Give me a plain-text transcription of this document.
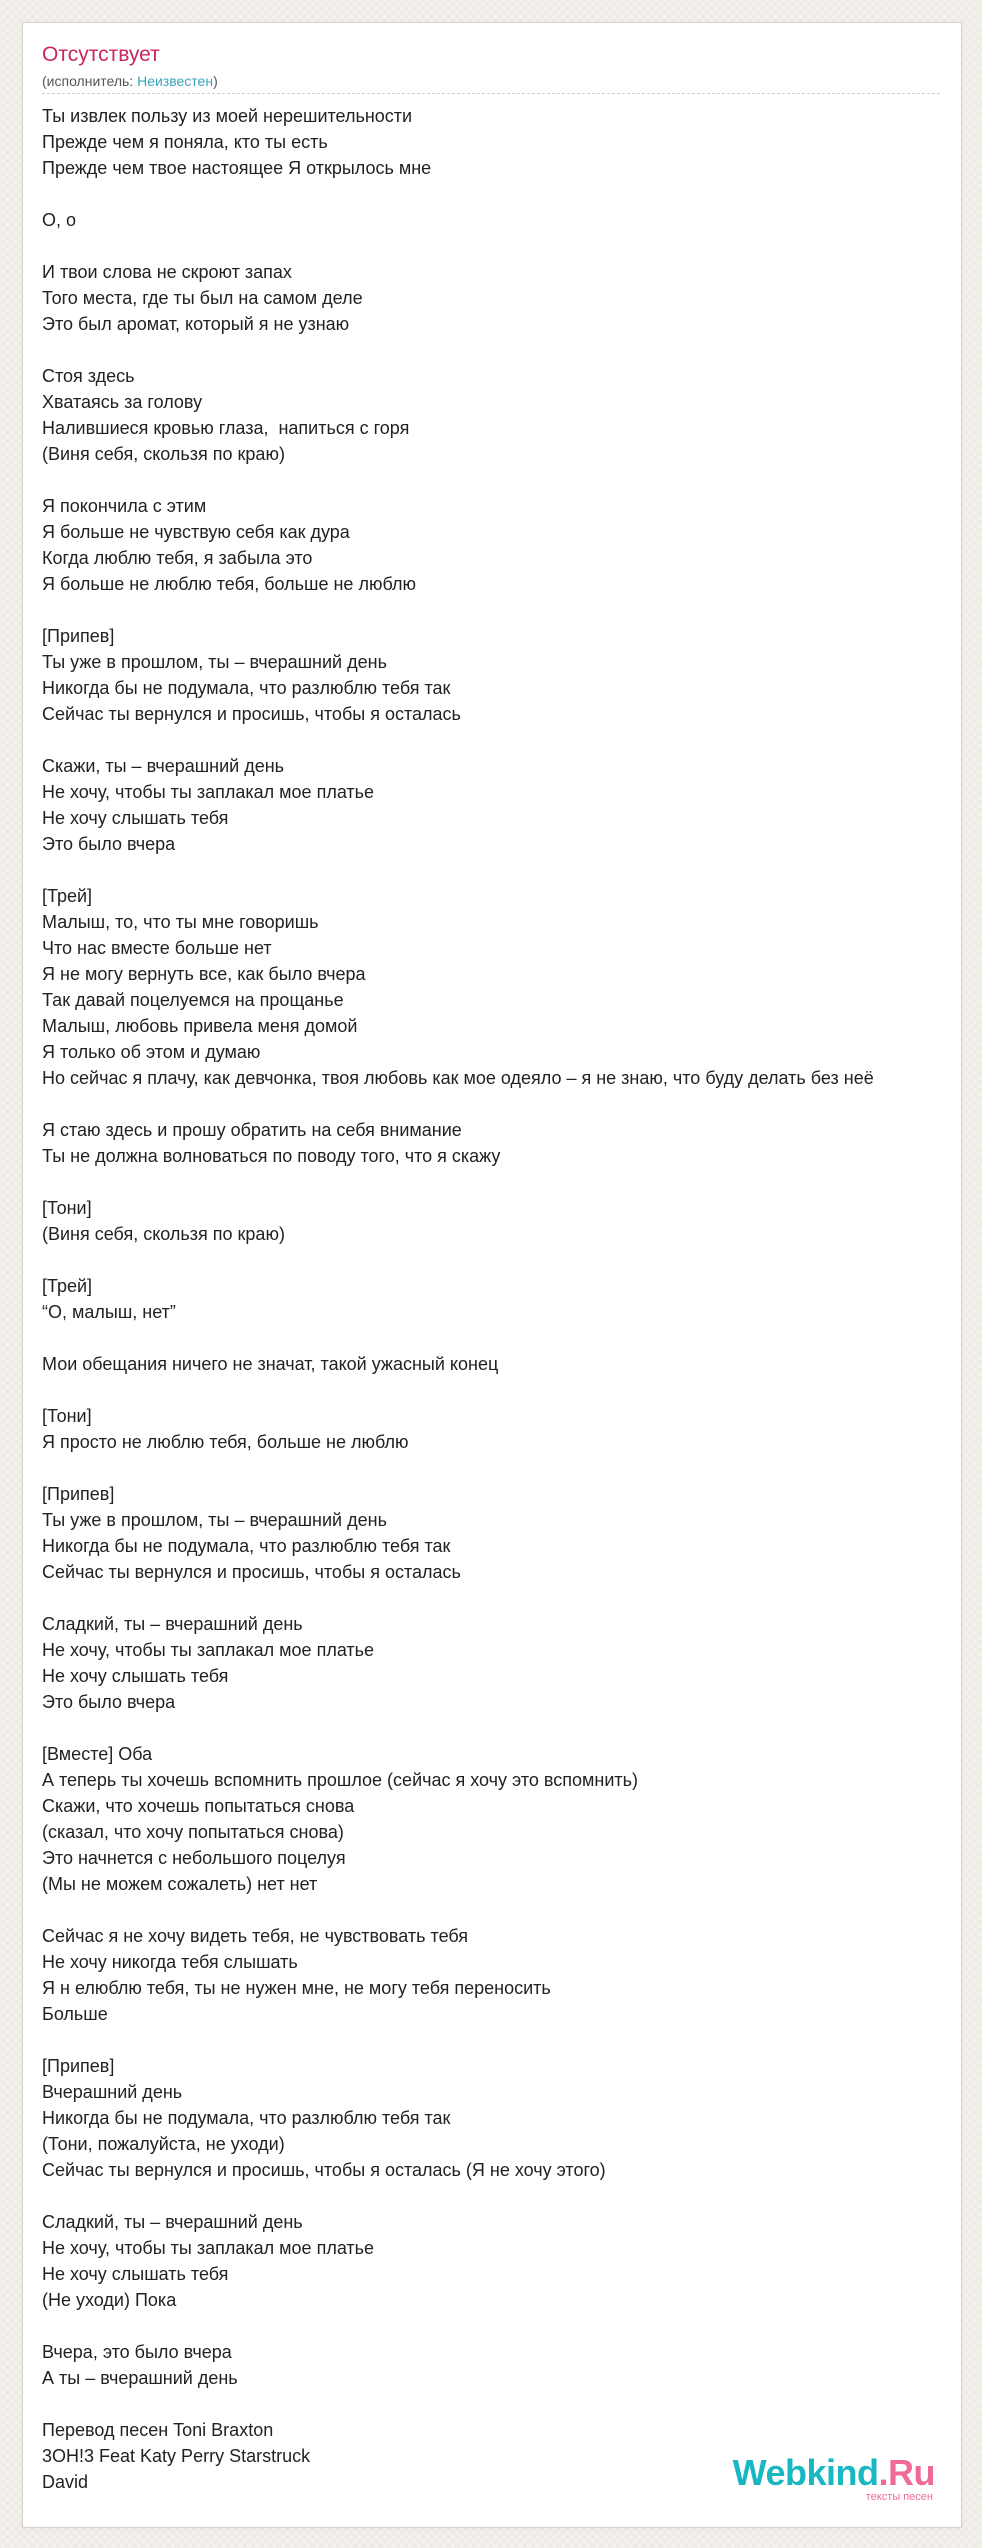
Отсутствует
(исполнитель: Неизвестен)
Ты извлек пользу из моей нерешительности
Прежде чем я поняла, кто ты есть
Прежде чем твое настоящее Я открылось мне
О, о
И твои слова не скроют запах
Того места, где ты был на самом деле
Это был аромат, который я не узнаю
Стоя здесь
Хватаясь за голову
Налившиеся кровью глаза,  напиться с горя
(Виня себя, скользя по краю)
Я покончила с этим
Я больше не чувствую себя как дура
Когда люблю тебя, я забыла это
Я больше не люблю тебя, больше не люблю
[Припев]
Ты уже в прошлом, ты – вчерашний день
Никогда бы не подумала, что разлюблю тебя так
Сейчас ты вернулся и просишь, чтобы я осталась
Скажи, ты – вчерашний день
Не хочу, чтобы ты заплакал мое платье
Не хочу слышать тебя
Это было вчера
[Трей]
Малыш, то, что ты мне говоришь
Что нас вместе больше нет
Я не могу вернуть все, как было вчера
Так давай поцелуемся на прощанье
Малыш, любовь привела меня домой
Я только об этом и думаю
Но сейчас я плачу, как девчонка, твоя любовь как мое одеяло – я не знаю, что буду делать без неё
Я стаю здесь и прошу обратить на себя внимание
Ты не должна волноваться по поводу того, что я скажу
[Тони]
(Виня себя, скользя по краю)
[Трей]
“О, малыш, нет”
Мои обещания ничего не значат, такой ужасный конец
[Тони]
Я просто не люблю тебя, больше не люблю
[Припев]
Ты уже в прошлом, ты – вчерашний день
Никогда бы не подумала, что разлюблю тебя так
Сейчас ты вернулся и просишь, чтобы я осталась
Сладкий, ты – вчерашний день
Не хочу, чтобы ты заплакал мое платье
Не хочу слышать тебя
Это было вчера
[Вместе] Оба
А теперь ты хочешь вспомнить прошлое (сейчас я хочу это вспомнить)
Скажи, что хочешь попытаться снова
(сказал, что хочу попытаться снова)
Это начнется с небольшого поцелуя
(Мы не можем сожалеть) нет нет
Сейчас я не хочу видеть тебя, не чувствовать тебя
Не хочу никогда тебя слышать
Я н елюблю тебя, ты не нужен мне, не могу тебя переносить
Больше
[Припев]
Вчерашний день
Никогда бы не подумала, что разлюблю тебя так
(Тони, пожалуйста, не уходи)
Сейчас ты вернулся и просишь, чтобы я осталась (Я не хочу этого)
Сладкий, ты – вчерашний день
Не хочу, чтобы ты заплакал мое платье
Не хочу слышать тебя
(Не уходи) Пока
Вчера, это было вчера
А ты – вчерашний день
Перевод песен Toni Braxton
3OH!3 Feat Katy Perry Starstruck
David	Webkind.Ru
тексты песен
